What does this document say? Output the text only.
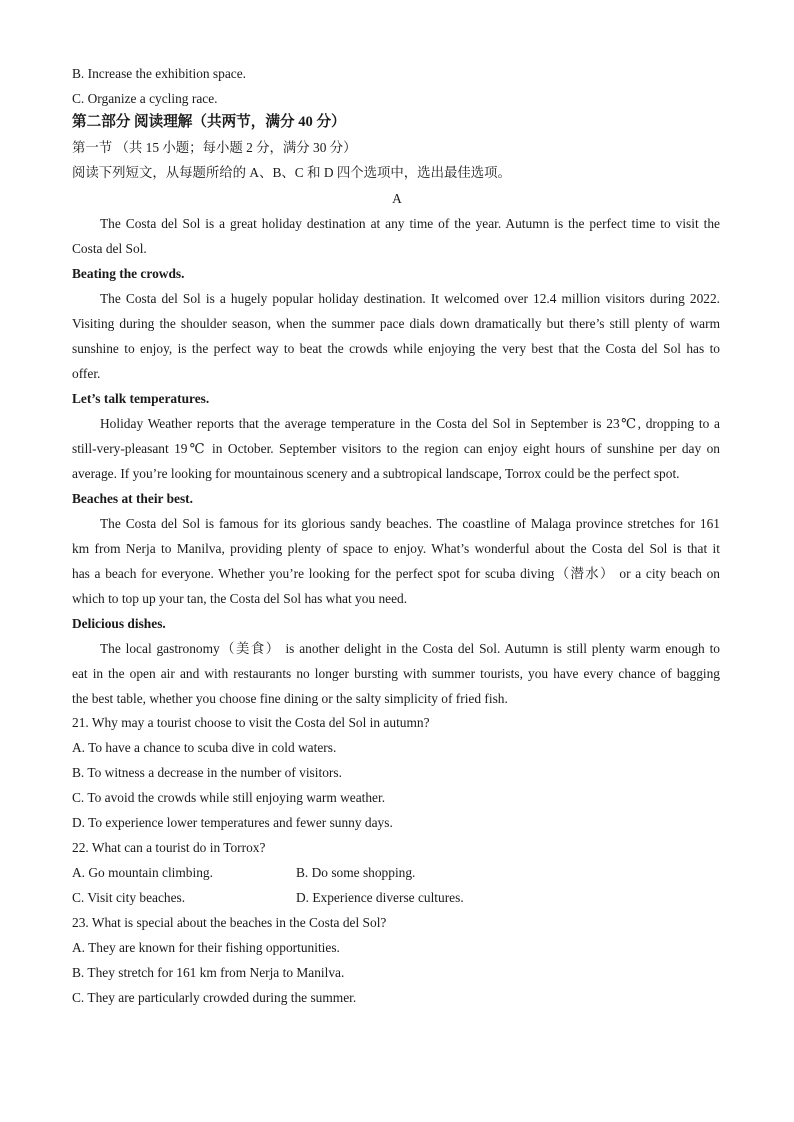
B. Increase the exhibition space.
C. Organize a cycling race.
第二部分 阅读理解（共两节，满分 40 分）
第一节 （共 15 小题；每小题 2 分，满分 30 分）
阅读下列短文，从每题所给的 A、B、C 和 D 四个选项中，选出最佳选项。
A
The Costa del Sol is a great holiday destination at any time of the year. Autumn is the perfect time to visit the
Costa del Sol.
Beating the crowds.
The Costa del Sol is a hugely popular holiday destination. It welcomed over 12.4 million visitors during 2022.
Visiting during the shoulder season, when the summer pace dials down dramatically but there’s still plenty of warm
sunshine to enjoy, is the perfect way to beat the crowds while enjoying the very best that the Costa del Sol has to
offer.
Let’s talk temperatures.
Holiday Weather reports that the average temperature in the Costa del Sol in September is 23℃, dropping to a
still-very-pleasant 19℃ in October. September visitors to the region can enjoy eight hours of sunshine per day on
average. If you’re looking for mountainous scenery and a subtropical landscape, Torrox could be the perfect spot.
Beaches at their best.
The Costa del Sol is famous for its glorious sandy beaches. The coastline of Malaga province stretches for 161
km from Nerja to Manilva, providing plenty of space to enjoy. What’s wonderful about the Costa del Sol is that it
has a beach for everyone. Whether you’re looking for the perfect spot for scuba diving（潜水） or a city beach on
which to top up your tan, the Costa del Sol has what you need.
Delicious dishes.
The local gastronomy（美食） is another delight in the Costa del Sol. Autumn is still plenty warm enough to
eat in the open air and with restaurants no longer bursting with summer tourists, you have every chance of bagging
the best table, whether you choose fine dining or the salty simplicity of fried fish.
21. Why may a tourist choose to visit the Costa del Sol in autumn?
A. To have a chance to scuba dive in cold waters.
B. To witness a decrease in the number of visitors.
C. To avoid the crowds while still enjoying warm weather.
D. To experience lower temperatures and fewer sunny days.
22. What can a tourist do in Torrox?
A. Go mountain climbing.	B. Do some shopping.
C. Visit city beaches.	D. Experience diverse cultures.
23. What is special about the beaches in the Costa del Sol?
A. They are known for their fishing opportunities.
B. They stretch for 161 km from Nerja to Manilva.
C. They are particularly crowded during the summer.
